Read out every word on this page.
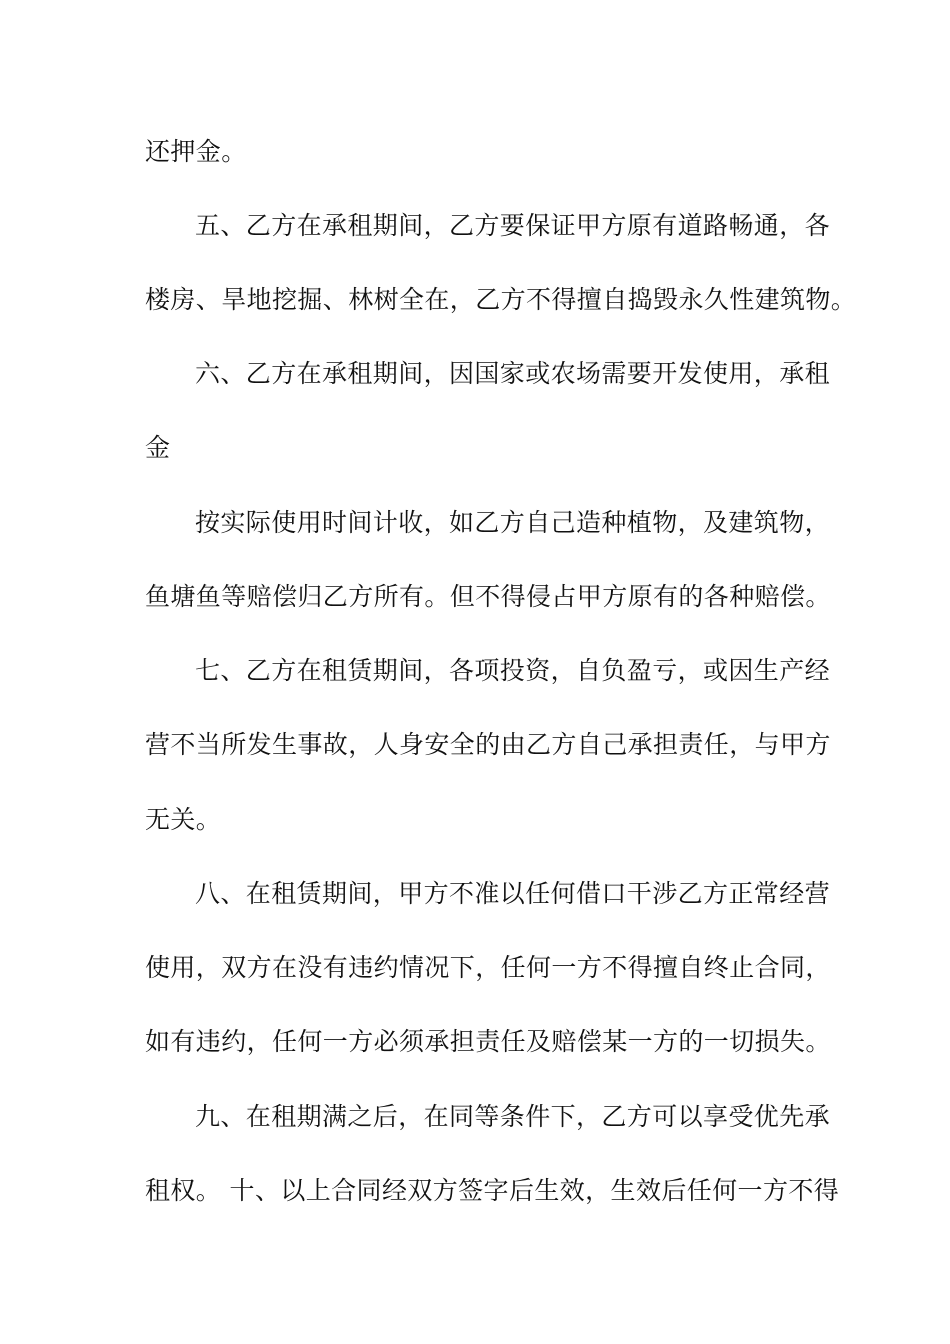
还押金。
五、乙方在承租期间，乙方要保证甲方原有道路畅通，各
楼房、旱地挖掘、林树全在，乙方不得擅自捣毁永久性建筑物。
六、乙方在承租期间，因国家或农场需要开发使用，承租
金
按实际使用时间计收，如乙方自己造种植物，及建筑物，
鱼塘鱼等赔偿归乙方所有。但不得侵占甲方原有的各种赔偿。
七、乙方在租赁期间，各项投资，自负盈亏，或因生产经
营不当所发生事故，人身安全的由乙方自己承担责任，与甲方
无关。
八、在租赁期间，甲方不准以任何借口干涉乙方正常经营
使用，双方在没有违约情况下，任何一方不得擅自终止合同，
如有违约，任何一方必须承担责任及赔偿某一方的一切损失。
九、在租期满之后，在同等条件下，乙方可以享受优先承
租权。 十、以上合同经双方签字后生效，生效后任何一方不得
